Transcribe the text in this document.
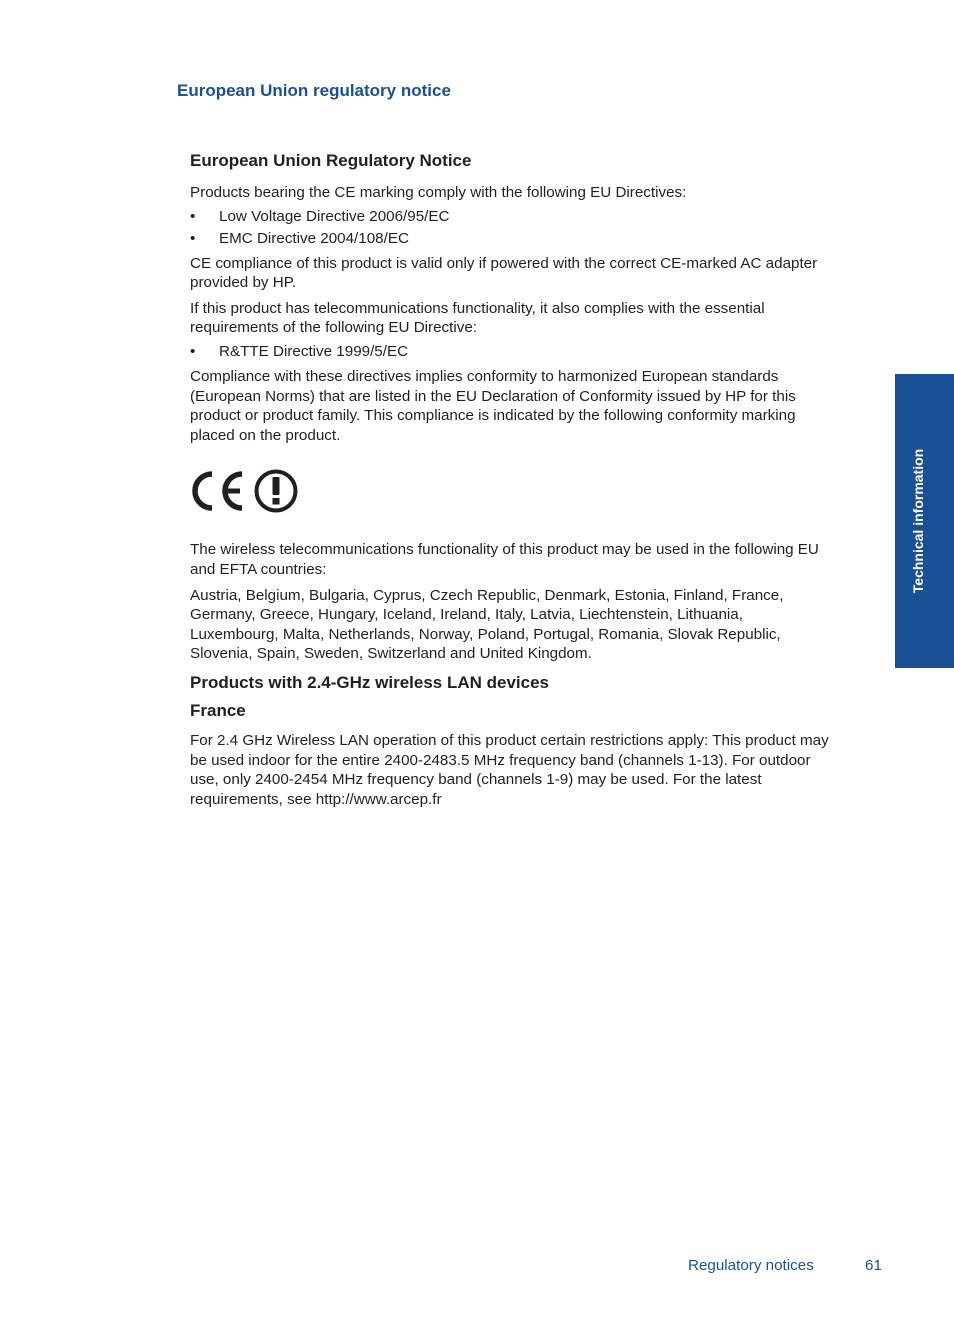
European Union regulatory notice
European Union Regulatory Notice

Products bearing the CE marking comply with the following EU Directives:

• Low Voltage Directive 2006/95/EC
• EMC Directive 2004/108/EC

CE compliance of this product is valid only if powered with the correct CE-marked AC adapter provided by HP.

If this product has telecommunications functionality, it also complies with the essential requirements of the following EU Directive:

• R&TTE Directive 1999/5/EC

Compliance with these directives implies conformity to harmonized European standards (European Norms) that are listed in the EU Declaration of Conformity issued by HP for this product or product family. This compliance is indicated by the following conformity marking placed on the product.

The wireless telecommunications functionality of this product may be used in the following EU and EFTA countries:

Austria, Belgium, Bulgaria, Cyprus, Czech Republic, Denmark, Estonia, Finland, France, Germany, Greece, Hungary, Iceland, Ireland, Italy, Latvia, Liechtenstein, Lithuania, Luxembourg, Malta, Netherlands, Norway, Poland, Portugal, Romania, Slovak Republic, Slovenia, Spain, Sweden, Switzerland and United Kingdom.

Products with 2.4-GHz wireless LAN devices
France

For 2.4 GHz Wireless LAN operation of this product certain restrictions apply: This product may be used indoor for the entire 2400-2483.5 MHz frequency band (channels 1-13). For outdoor use, only 2400-2454 MHz frequency band (channels 1-9) may be used. For the latest requirements, see http://www.arcep.fr

Technical information
Regulatory notices	61
